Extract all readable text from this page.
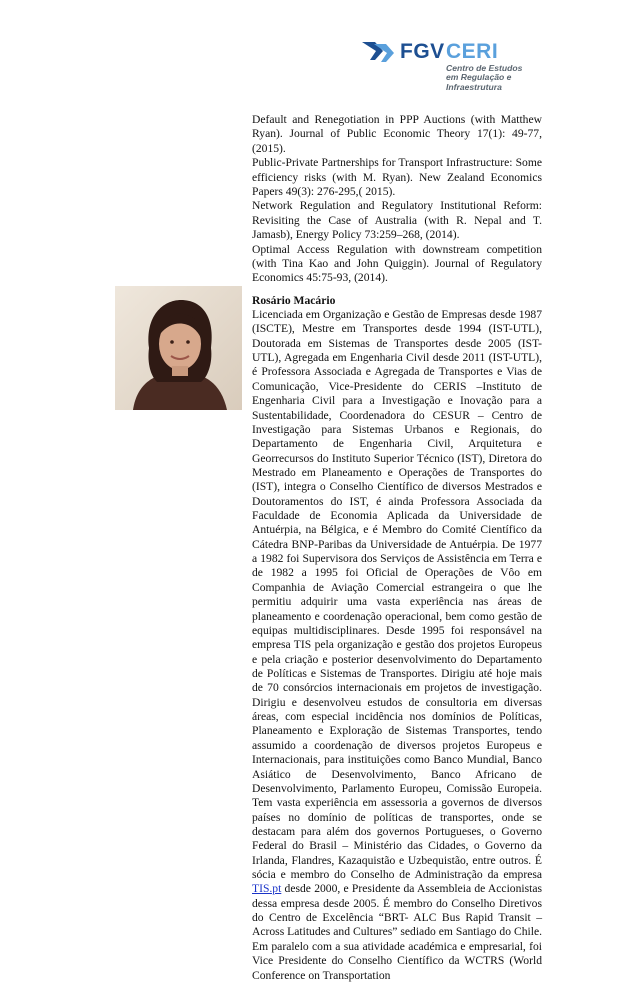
FGV CERI
Centro de Estudos
em Regulação e
Infraestrutura

Default and Renegotiation in PPP Auctions (with Matthew Ryan). Journal of Public Economic Theory 17(1): 49-77, (2015).

Public-Private Partnerships for Transport Infrastructure: Some efficiency risks (with M. Ryan). New Zealand Economics Papers 49(3): 276-295,( 2015).

Network Regulation and Regulatory Institutional Reform: Revisiting the Case of Australia (with R. Nepal and T. Jamasb), Energy Policy 73:259–268, (2014).

Optimal Access Regulation with downstream competition (with Tina Kao and John Quiggin). Journal of Regulatory Economics 45:75-93, (2014).

Rosário Macário
Licenciada em Organização e Gestão de Empresas desde 1987 (ISCTE), Mestre em Transportes desde 1994 (IST-UTL), Doutorada em Sistemas de Transportes desde 2005 (IST-UTL), Agregada em Engenharia Civil desde 2011 (IST-UTL), é Professora Associada e Agregada de Transportes e Vias de Comunicação, Vice-Presidente do CERIS –Instituto de Engenharia Civil para a Investigação e Inovação para a Sustentabilidade, Coordenadora do CESUR – Centro de Investigação para Sistemas Urbanos e Regionais, do Departamento de Engenharia Civil, Arquitetura e Georrecursos do Instituto Superior Técnico (IST), Diretora do Mestrado em Planeamento e Operações de Transportes do (IST), integra o Conselho Científico de diversos Mestrados e Doutoramentos do IST, é ainda Professora Associada da Faculdade de Economia Aplicada da Universidade de Antuérpia, na Bélgica, e é Membro do Comité Científico da Cátedra BNP-Paribas da Universidade de Antuérpia. De 1977 a 1982 foi Supervisora dos Serviços de Assistência em Terra e de 1982 a 1995 foi Oficial de Operações de Vôo em Companhia de Aviação Comercial estrangeira o que lhe permitiu adquirir uma vasta experiência nas áreas de planeamento e coordenação operacional, bem como gestão de equipas multidisciplinares. Desde 1995 foi responsável na empresa TIS pela organização e gestão dos projetos Europeus e pela criação e posterior desenvolvimento do Departamento de Políticas e Sistemas de Transportes. Dirigiu até hoje mais de 70 consórcios internacionais em projetos de investigação. Dirigiu e desenvolveu estudos de consultoria em diversas áreas, com especial incidência nos domínios de Políticas, Planeamento e Exploração de Sistemas Transportes, tendo assumido a coordenação de diversos projetos Europeus e Internacionais, para instituições como Banco Mundial, Banco Asiático de Desenvolvimento, Banco Africano de Desenvolvimento, Parlamento Europeu, Comissão Europeia. Tem vasta experiência em assessoria a governos de diversos países no domínio de políticas de transportes, onde se destacam para além dos governos Portugueses, o Governo Federal do Brasil – Ministério das Cidades, o Governo da Irlanda, Flandres, Kazaquistão e Uzbequistão, entre outros. É sócia e membro do Conselho de Administração da empresa TIS.pt desde 2000, e Presidente da Assembleia de Accionistas dessa empresa desde 2005. É membro do Conselho Diretivos do Centro de Excelência “BRT- ALC Bus Rapid Transit – Across Latitudes and Cultures” sediado em Santiago do Chile. Em paralelo com a sua atividade académica e empresarial, foi Vice Presidente do Conselho Científico da WCTRS (World Conference on Transportation
